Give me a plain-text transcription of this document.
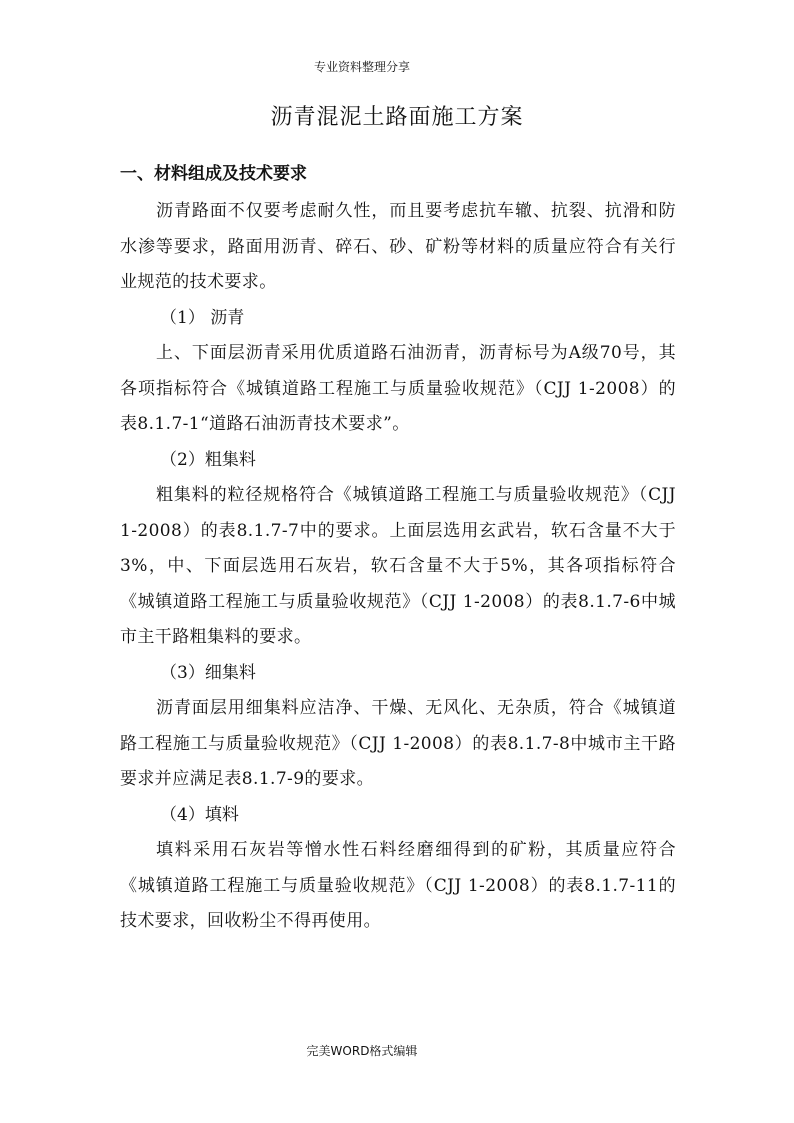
专业资料整理分享
沥青混泥土路面施工方案
一、材料组成及技术要求

沥青路面不仅要考虑耐久性，而且要考虑抗车辙、抗裂、抗滑和防水渗等要求，路面用沥青、碎石、砂、矿粉等材料的质量应符合有关行业规范的技术要求。

（1） 沥青

上、下面层沥青采用优质道路石油沥青，沥青标号为A级70号，其各项指标符合《城镇道路工程施工与质量验收规范》（CJJ 1-2008）的表8.1.7-1“道路石油沥青技术要求”。

（2）粗集料

粗集料的粒径规格符合《城镇道路工程施工与质量验收规范》（CJJ 1-2008）的表8.1.7-7中的要求。上面层选用玄武岩，软石含量不大于3%，中、下面层选用石灰岩，软石含量不大于5%，其各项指标符合《城镇道路工程施工与质量验收规范》（CJJ 1-2008）的表8.1.7-6中城市主干路粗集料的要求。

（3）细集料

沥青面层用细集料应洁净、干燥、无风化、无杂质，符合《城镇道路工程施工与质量验收规范》（CJJ 1-2008）的表8.1.7-8中城市主干路要求并应满足表8.1.7-9的要求。

（4）填料

填料采用石灰岩等憎水性石料经磨细得到的矿粉，其质量应符合《城镇道路工程施工与质量验收规范》（CJJ 1-2008）的表8.1.7-11的技术要求，回收粉尘不得再使用。

完美WORD格式编辑
